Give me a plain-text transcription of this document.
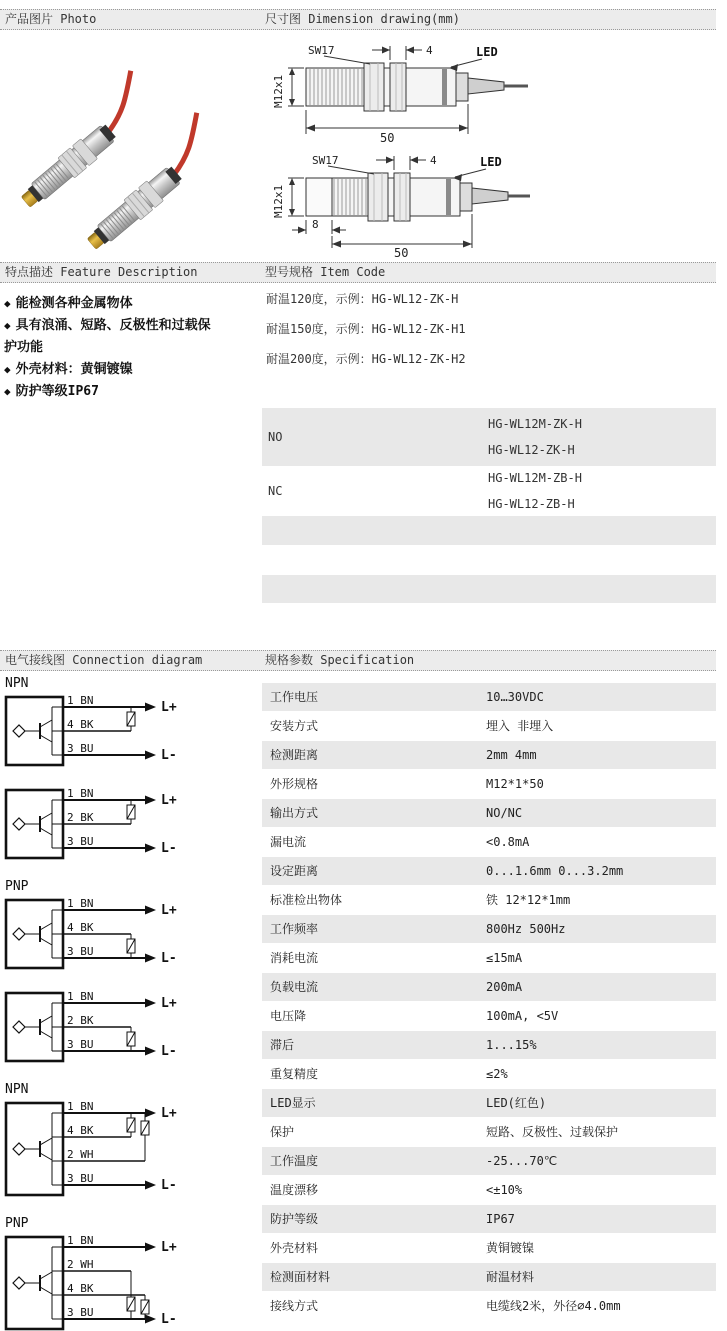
产品图片 Photo	尺寸图 Dimension drawing(mm)
SW17	4
M12x1
LED
50
SW17	4
M12x1
LED
8
50
特点描述 Feature Description	型号规格 Item Code
◆ 能检测各种金属物体
◆ 具有浪涌、短路、反极性和过载保护功能
◆ 外壳材料：黄铜镀镍
◆ 防护等级IP67
耐温120度，示例：HG-WL12-ZK-H
耐温150度，示例：HG-WL12-ZK-H1
耐温200度，示例：HG-WL12-ZK-H2
NO
HG-WL12M-ZK-H
HG-WL12-ZK-H
NC
HG-WL12M-ZB-H
HG-WL12-ZB-H
电气接线图 Connection diagram	规格参数 Specification
NPN
L+
1 BN
4 BK
L-
3 BU
L+
1 BN
2 BK
L-
3 BU
PNP
L+
1 BN
4 BK
L-
3 BU
L+
1 BN
2 BK
L-
3 BU
NPN
L+
1 BN
4 BK
2 WH
L-
3 BU
PNP
L+
1 BN
2 WH
4 BK
L-
3 BU
工作电压	10…30VDC
安装方式	埋入 非埋入
检测距离	2mm 4mm
外形规格	M12*1*50
输出方式	NO/NC
漏电流	<0.8mA
设定距离	0...1.6mm 0...3.2mm
标准检出物体	铁 12*12*1mm
工作频率	800Hz 500Hz
消耗电流	≤15mA
负载电流	200mA
电压降	100mA, <5V
滞后	1...15%
重复精度	≤2%
LED显示	LED(红色)
保护	短路、反极性、过载保护
工作温度	-25...70℃
温度漂移	<±10%
防护等级	IP67
外壳材料	黄铜镀镍
检测面材料	耐温材料
接线方式	电缆线2米，外径∅4.0mm
